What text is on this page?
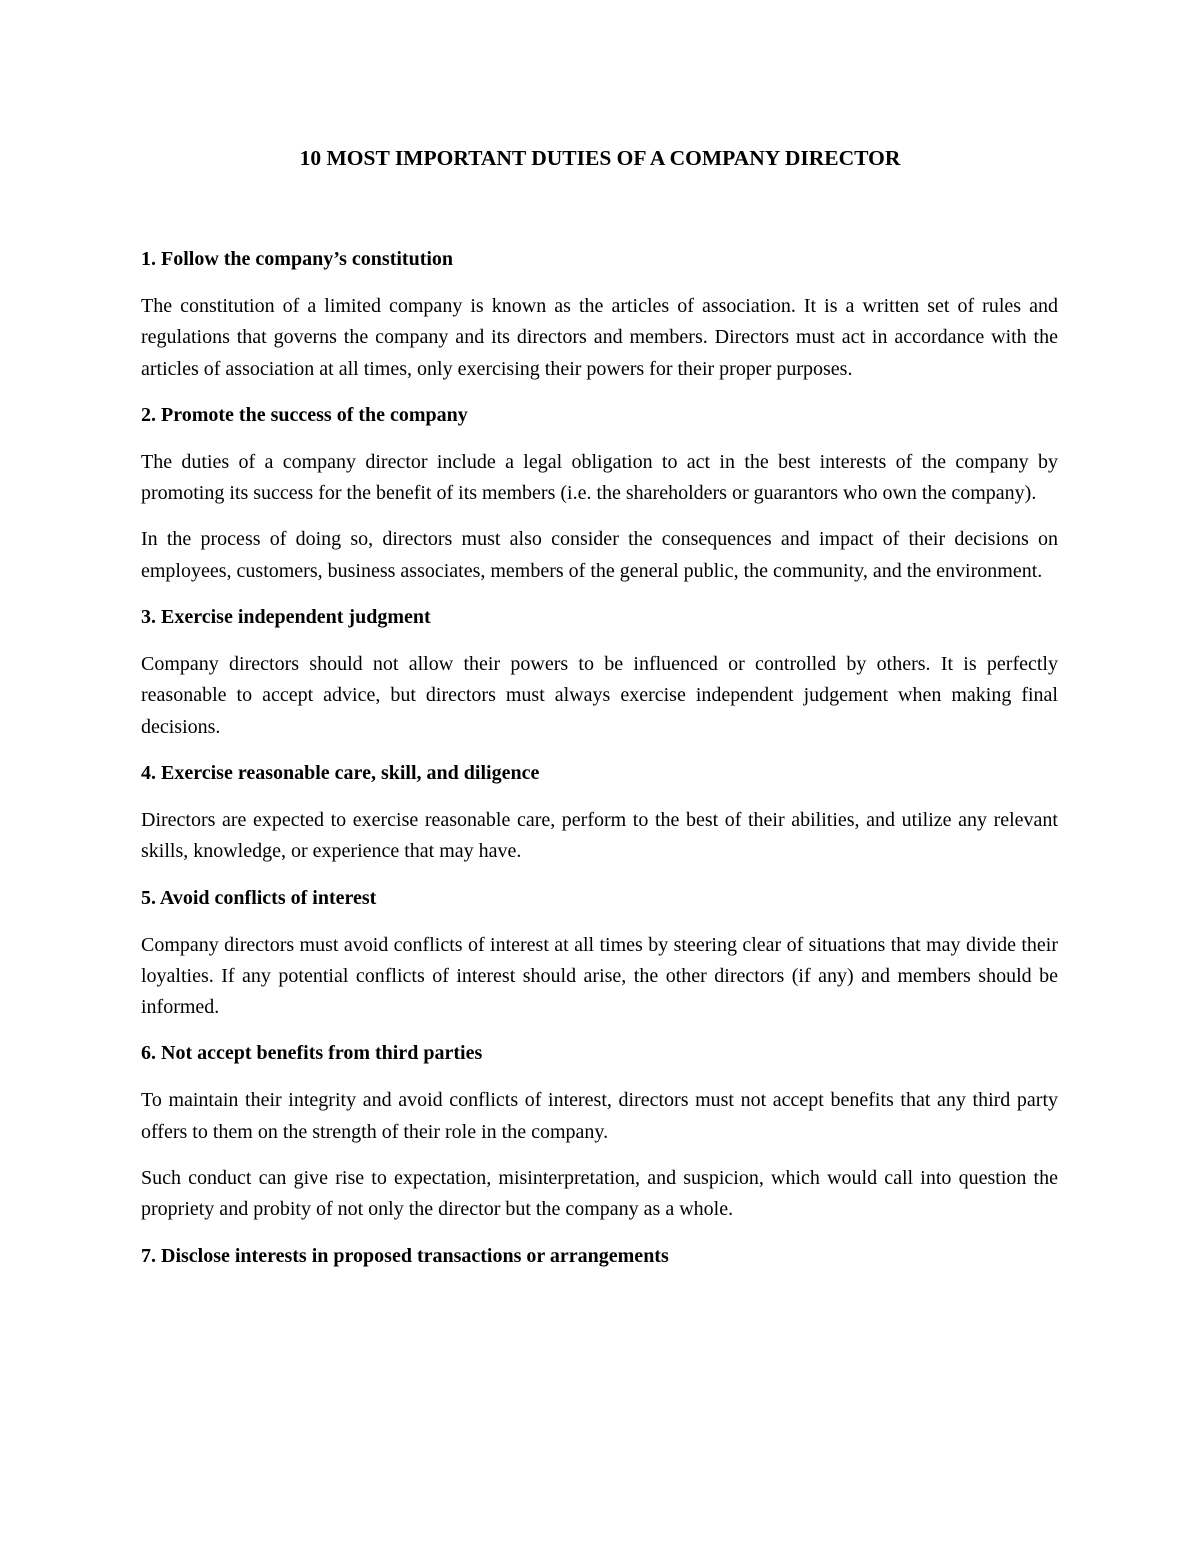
10 MOST IMPORTANT DUTIES OF A COMPANY DIRECTOR

1. Follow the company’s constitution

The constitution of a limited company is known as the articles of association. It is a written set of rules and regulations that governs the company and its directors and members. Directors must act in accordance with the articles of association at all times, only exercising their powers for their proper purposes.

2. Promote the success of the company

The duties of a company director include a legal obligation to act in the best interests of the company by promoting its success for the benefit of its members (i.e. the shareholders or guarantors who own the company).

In the process of doing so, directors must also consider the consequences and impact of their decisions on employees, customers, business associates, members of the general public, the community, and the environment.

3. Exercise independent judgment

Company directors should not allow their powers to be influenced or controlled by others. It is perfectly reasonable to accept advice, but directors must always exercise independent judgement when making final decisions.

4. Exercise reasonable care, skill, and diligence

Directors are expected to exercise reasonable care, perform to the best of their abilities, and utilize any relevant skills, knowledge, or experience that may have.

5. Avoid conflicts of interest

Company directors must avoid conflicts of interest at all times by steering clear of situations that may divide their loyalties. If any potential conflicts of interest should arise, the other directors (if any) and members should be informed.

6. Not accept benefits from third parties

To maintain their integrity and avoid conflicts of interest, directors must not accept benefits that any third party offers to them on the strength of their role in the company.

Such conduct can give rise to expectation, misinterpretation, and suspicion, which would call into question the propriety and probity of not only the director but the company as a whole.

7. Disclose interests in proposed transactions or arrangements
